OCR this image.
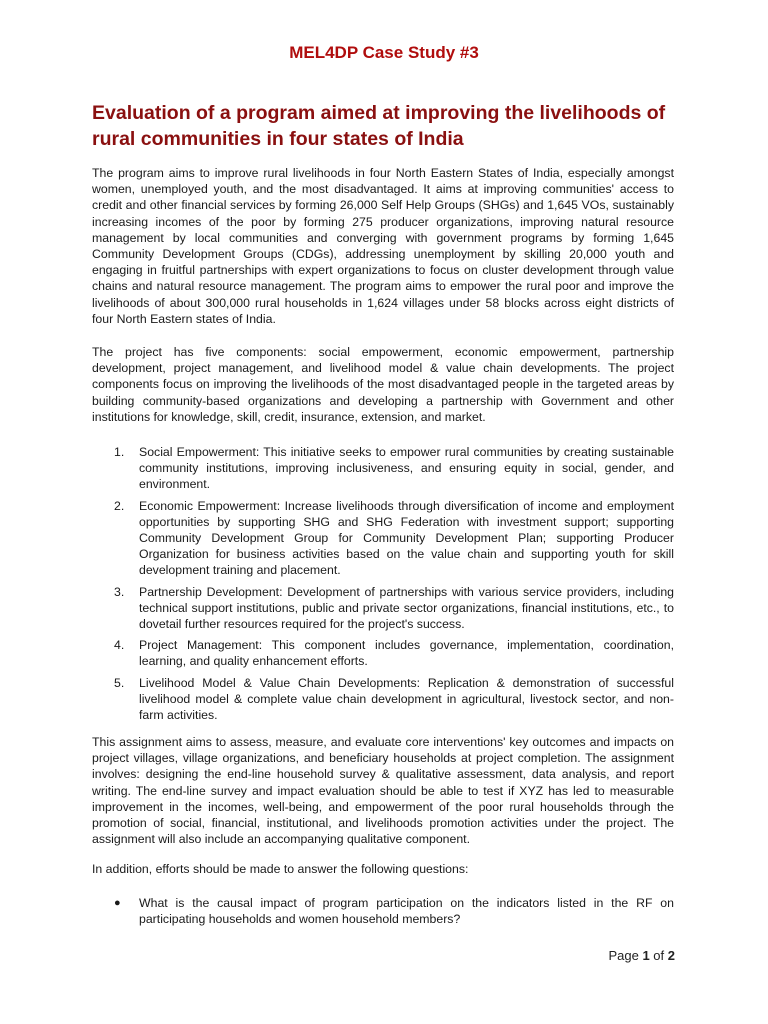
MEL4DP Case Study #3
Evaluation of a program aimed at improving the livelihoods of rural communities in four states of India

The program aims to improve rural livelihoods in four North Eastern States of India, especially amongst women, unemployed youth, and the most disadvantaged. It aims at improving communities' access to credit and other financial services by forming 26,000 Self Help Groups (SHGs) and 1,645 VOs, sustainably increasing incomes of the poor by forming 275 producer organizations, improving natural resource management by local communities and converging with government programs by forming 1,645 Community Development Groups (CDGs), addressing unemployment by skilling 20,000 youth and engaging in fruitful partnerships with expert organizations to focus on cluster development through value chains and natural resource management. The program aims to empower the rural poor and improve the livelihoods of about 300,000 rural households in 1,624 villages under 58 blocks across eight districts of four North Eastern states of India.

The project has five components: social empowerment, economic empowerment, partnership development, project management, and livelihood model & value chain developments. The project components focus on improving the livelihoods of the most disadvantaged people in the targeted areas by building community-based organizations and developing a partnership with Government and other institutions for knowledge, skill, credit, insurance, extension, and market.

1. Social Empowerment: This initiative seeks to empower rural communities by creating sustainable community institutions, improving inclusiveness, and ensuring equity in social, gender, and environment.
2. Economic Empowerment: Increase livelihoods through diversification of income and employment opportunities by supporting SHG and SHG Federation with investment support; supporting Community Development Group for Community Development Plan; supporting Producer Organization for business activities based on the value chain and supporting youth for skill development training and placement.
3. Partnership Development: Development of partnerships with various service providers, including technical support institutions, public and private sector organizations, financial institutions, etc., to dovetail further resources required for the project's success.
4. Project Management: This component includes governance, implementation, coordination, learning, and quality enhancement efforts.
5. Livelihood Model & Value Chain Developments: Replication & demonstration of successful livelihood model & complete value chain development in agricultural, livestock sector, and non-farm activities.

This assignment aims to assess, measure, and evaluate core interventions' key outcomes and impacts on project villages, village organizations, and beneficiary households at project completion. The assignment involves: designing the end-line household survey & qualitative assessment, data analysis, and report writing. The end-line survey and impact evaluation should be able to test if XYZ has led to measurable improvement in the incomes, well-being, and empowerment of the poor rural households through the promotion of social, financial, institutional, and livelihoods promotion activities under the project. The assignment will also include an accompanying qualitative component.

In addition, efforts should be made to answer the following questions:

● What is the causal impact of program participation on the indicators listed in the RF on participating households and women household members?
Page 1 of 2
